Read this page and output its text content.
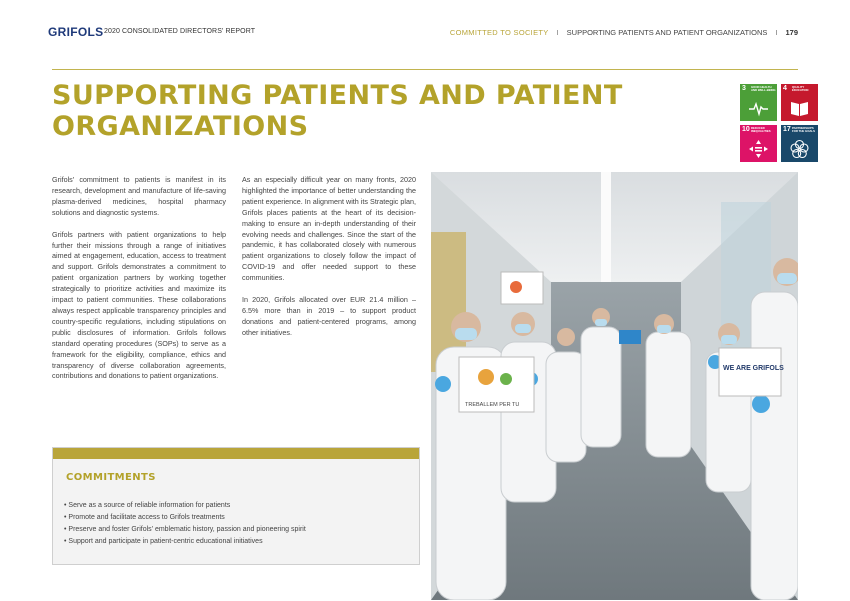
GRIFOLS 2020 CONSOLIDATED DIRECTORS' REPORT	COMMITTED TO SOCIETY I SUPPORTING PATIENTS AND PATIENT ORGANIZATIONS I 179
SUPPORTING PATIENTS AND PATIENT ORGANIZATIONS
3 GOOD HEALTH AND WELL-BEING 4 QUALITY EDUCATION
10 REDUCED INEQUALITIES	17 PARTNERSHIPS FOR THE GOALS

Grifols' commitment to patients is manifest in its research, development and manufacture of life-saving plasma-derived medicines, hospital pharmacy solutions and diagnostic systems.

Grifols partners with patient organizations to help further their missions through a range of initiatives aimed at engagement, education, access to treatment and support. Grifols demonstrates a commitment to patient organization partners by working together strategically to prioritize activities and maximize its impact to patient communities. These collaborations always respect applicable transparency principles and country-specific regulations, including stipulations on public disclosures of information. Grifols follows standard operating procedures (SOPs) to serve as a framework for the eligibility, compliance, ethics and transparency of diverse collaboration agreements, contributions and donations to patient organizations.

As an especially difficult year on many fronts, 2020 highlighted the importance of better understanding the patient experience. In alignment with its Strategic plan, Grifols places patients at the heart of its decision-making to ensure an in-depth understanding of their evolving needs and challenges. Since the start of the pandemic, it has collaborated closely with numerous patient organizations to closely follow the impact of COVID-19 and offer needed support to these communities.

In 2020, Grifols allocated over EUR 21.4 million – 6.5% more than in 2019 – to support product donations and patient-centered programs, among other initiatives.

TREBALLEM PER TU
WE ARE GRIFOLS
COMMITMENTS
• Serve as a source of reliable information for patients
• Promote and facilitate access to Grifols treatments
• Preserve and foster Grifols' emblematic history, passion and pioneering spirit
• Support and participate in patient-centric educational initiatives
